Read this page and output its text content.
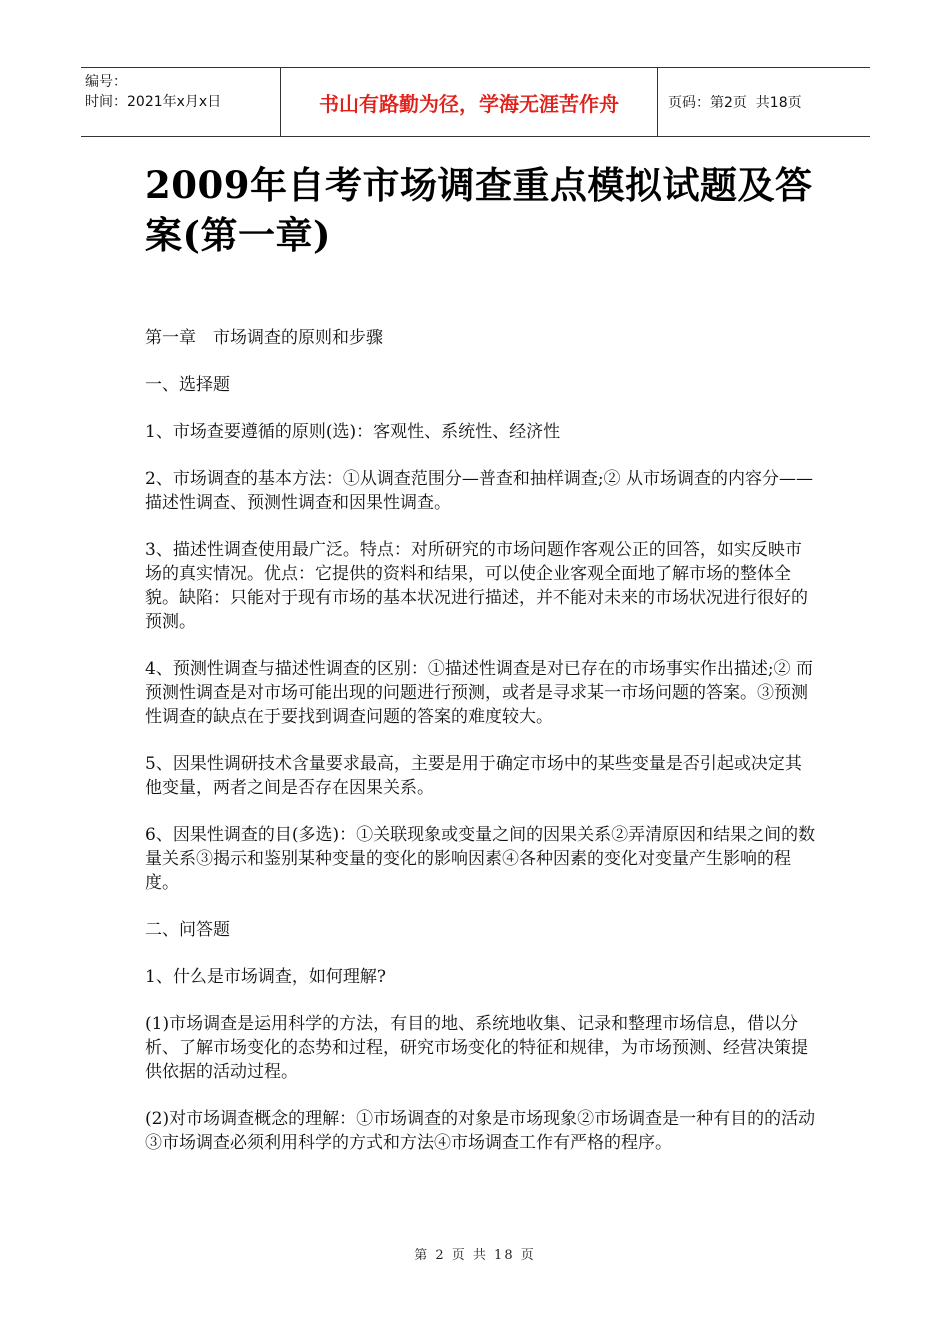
编号：
时间：2021年x月x日	书山有路勤为径，学海无涯苦作舟	页码：第2页  共18页
2009年自考市场调查重点模拟试题及答案(第一章)

第一章　市场调查的原则和步骤

一、选择题

1、市场查要遵循的原则(选)：客观性、系统性、经济性

2、市场调查的基本方法：①从调查范围分—普查和抽样调查;② 从市场调查的内容分——描述性调查、预测性调查和因果性调查。

3、描述性调查使用最广泛。特点：对所研究的市场问题作客观公正的回答，如实反映市场的真实情况。优点：它提供的资料和结果，可以使企业客观全面地了解市场的整体全貌。缺陷：只能对于现有市场的基本状况进行描述，并不能对未来的市场状况进行很好的预测。

4、预测性调查与描述性调查的区别：①描述性调查是对已存在的市场事实作出描述;② 而预测性调查是对市场可能出现的问题进行预测，或者是寻求某一市场问题的答案。③预测性调查的缺点在于要找到调查问题的答案的难度较大。

5、因果性调研技术含量要求最高，主要是用于确定市场中的某些变量是否引起或决定其他变量，两者之间是否存在因果关系。

6、因果性调查的目(多选)：①关联现象或变量之间的因果关系②弄清原因和结果之间的数量关系③揭示和鉴别某种变量的变化的影响因素④各种因素的变化对变量产生影响的程度。

二、问答题

1、什么是市场调查，如何理解?

(1)市场调查是运用科学的方法，有目的地、系统地收集、记录和整理市场信息，借以分析、了解市场变化的态势和过程，研究市场变化的特征和规律，为市场预测、经营决策提供依据的活动过程。

(2)对市场调查概念的理解：①市场调查的对象是市场现象②市场调查是一种有目的的活动③市场调查必须利用科学的方式和方法④市场调查工作有严格的程序。

第 2 页 共 18 页
